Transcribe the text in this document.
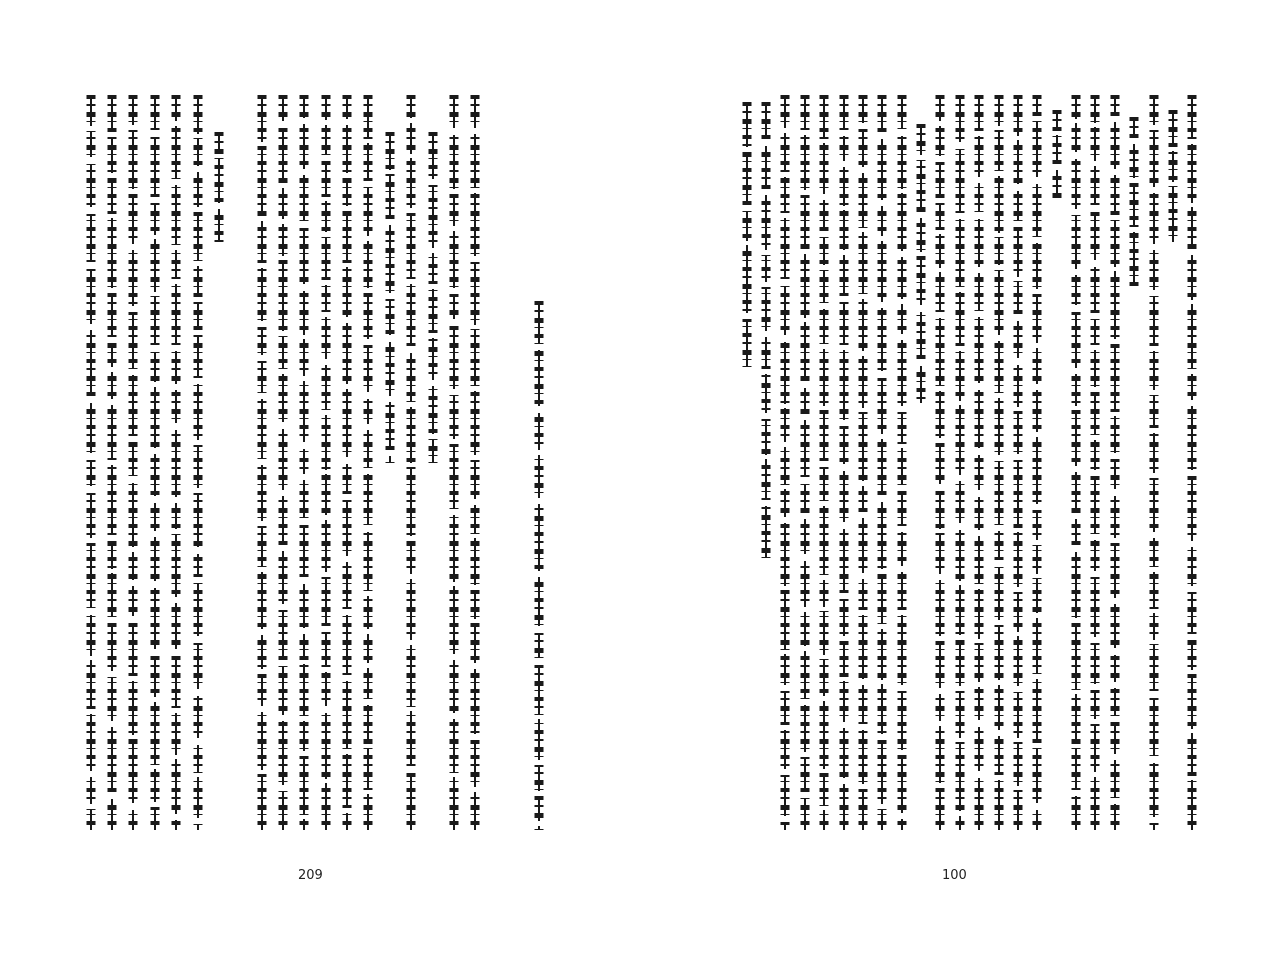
209	100
